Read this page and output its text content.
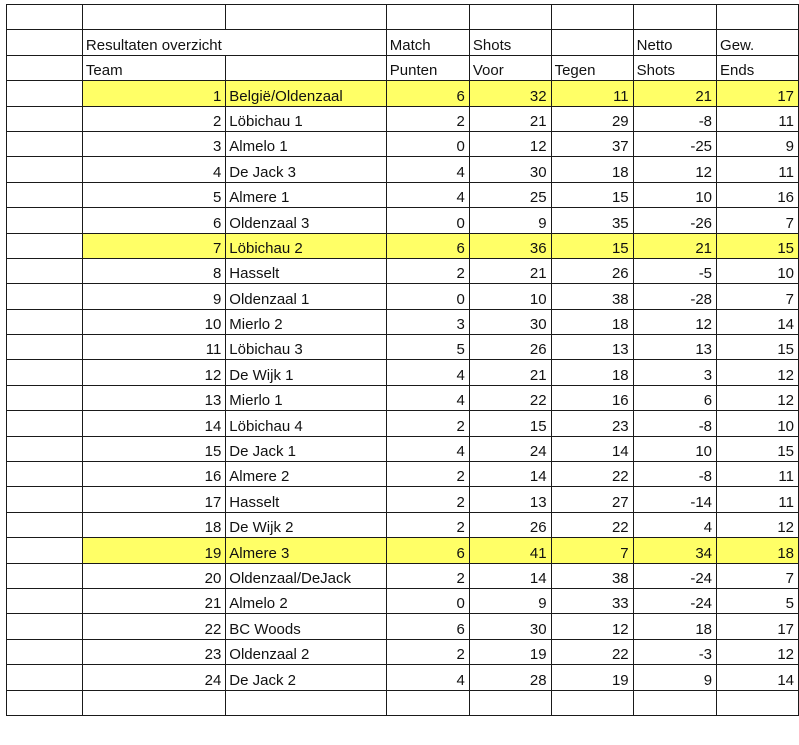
	Resultaten overzicht		Match	Shots		Netto	Gew.
	Team		Punten	Voor	Tegen	Shots	Ends
	1	België/Oldenzaal	6	32	11	21	17
	2	Löbichau 1	2	21	29	-8	11
	3	Almelo 1	0	12	37	-25	9
	4	De Jack 3	4	30	18	12	11
	5	Almere 1	4	25	15	10	16
	6	Oldenzaal 3	0	9	35	-26	7
	7	Löbichau 2	6	36	15	21	15
	8	Hasselt	2	21	26	-5	10
	9	Oldenzaal 1	0	10	38	-28	7
	10	Mierlo 2	3	30	18	12	14
	11	Löbichau 3	5	26	13	13	15
	12	De Wijk 1	4	21	18	3	12
	13	Mierlo 1	4	22	16	6	12
	14	Löbichau 4	2	15	23	-8	10
	15	De Jack 1	4	24	14	10	15
	16	Almere 2	2	14	22	-8	11
	17	Hasselt	2	13	27	-14	11
	18	De Wijk 2	2	26	22	4	12
	19	Almere 3	6	41	7	34	18
	20	Oldenzaal/DeJack	2	14	38	-24	7
	21	Almelo 2	0	9	33	-24	5
	22	BC Woods	6	30	12	18	17
	23	Oldenzaal 2	2	19	22	-3	12
	24	De Jack 2	4	28	19	9	14
